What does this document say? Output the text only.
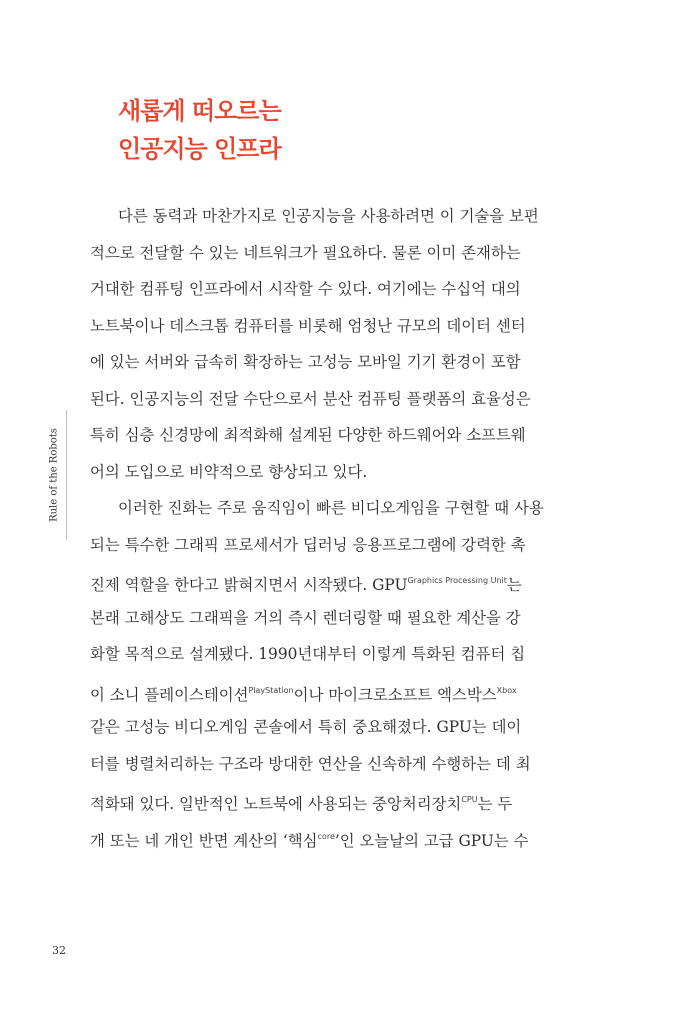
새롭게 떠오르는
인공지능 인프라
Rule of the Robots
다른 동력과 마찬가지로 인공지능을 사용하려면 이 기술을 보편
적으로 전달할 수 있는 네트워크가 필요하다. 물론 이미 존재하는
거대한 컴퓨팅 인프라에서 시작할 수 있다. 여기에는 수십억 대의
노트북이나 데스크톱 컴퓨터를 비롯해 엄청난 규모의 데이터 센터
에 있는 서버와 급속히 확장하는 고성능 모바일 기기 환경이 포함
된다. 인공지능의 전달 수단으로서 분산 컴퓨팅 플랫폼의 효율성은
특히 심층 신경망에 최적화해 설계된 다양한 하드웨어와 소프트웨
어의 도입으로 비약적으로 향상되고 있다.
이러한 진화는 주로 움직임이 빠른 비디오게임을 구현할 때 사용
되는 특수한 그래픽 프로세서가 딥러닝 응용프로그램에 강력한 촉
진제 역할을 한다고 밝혀지면서 시작됐다. $GPU^{Graphics Processing Unit}$는
본래 고해상도 그래픽을 거의 즉시 렌더링할 때 필요한 계산을 강
화할 목적으로 설계됐다. 1990년대부터 이렇게 특화된 컴퓨터 칩
이 소니 플레이스테이션$^{PlayStation}$이나 마이크로소프트 엑스박스$^{Xbox}$
같은 고성능 비디오게임 콘솔에서 특히 중요해졌다. GPU는 데이
터를 병렬처리하는 구조라 방대한 연산을 신속하게 수행하는 데 최
적화돼 있다. 일반적인 노트북에 사용되는 중앙처리장치$^{CPU}$는 두
개 또는 네 개인 반면 계산의 ‘핵심$^{core}$’인 오늘날의 고급 GPU는 수
32
